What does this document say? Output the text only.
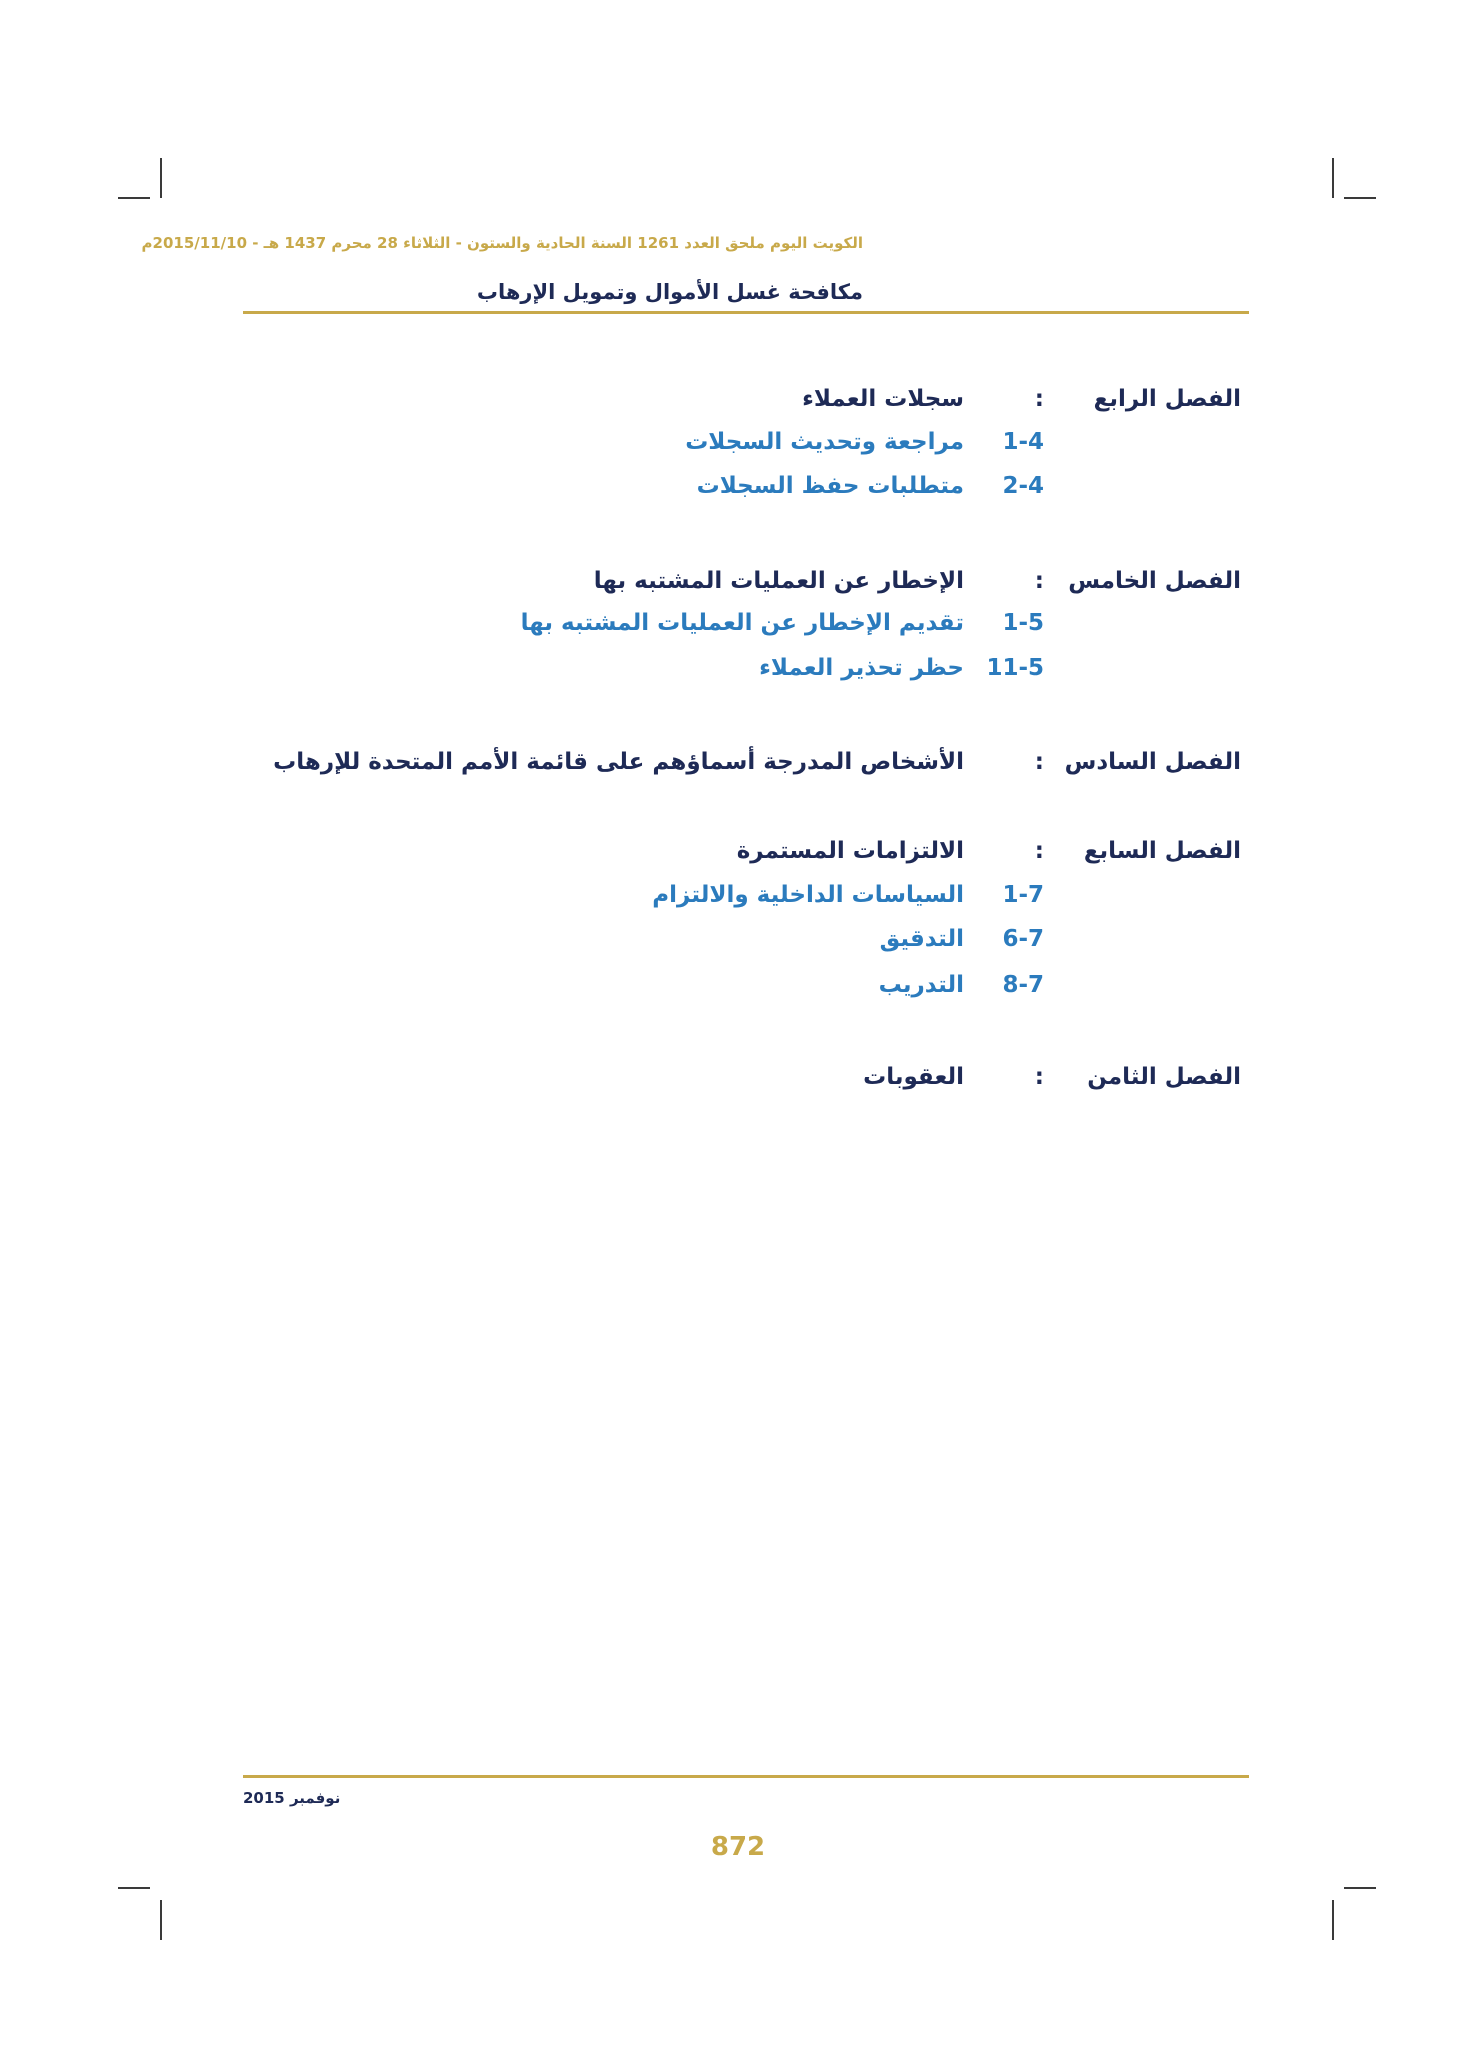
الكويت اليوم ملحق العدد 1261 السنة الحادية والستون - الثلاثاء 28 محرم 1437 هـ - 2015/11/10م
مكافحة غسل الأموال وتمويل الإرهاب
الفصل الرابع
:
سجلات العملاء
1-4
مراجعة وتحديث السجلات
2-4
متطلبات حفظ السجلات
الفصل الخامس
:
الإخطار عن العمليات المشتبه بها
1-5
تقديم الإخطار عن العمليات المشتبه بها
11-5
حظر تحذير العملاء
الفصل السادس
:
الأشخاص المدرجة أسماؤهم على قائمة الأمم المتحدة للإرهاب
الفصل السابع
:
الالتزامات المستمرة
1-7
السياسات الداخلية والالتزام
6-7
التدقيق
8-7
التدريب
الفصل الثامن
:
العقوبات
نوفمبر 2015
872
